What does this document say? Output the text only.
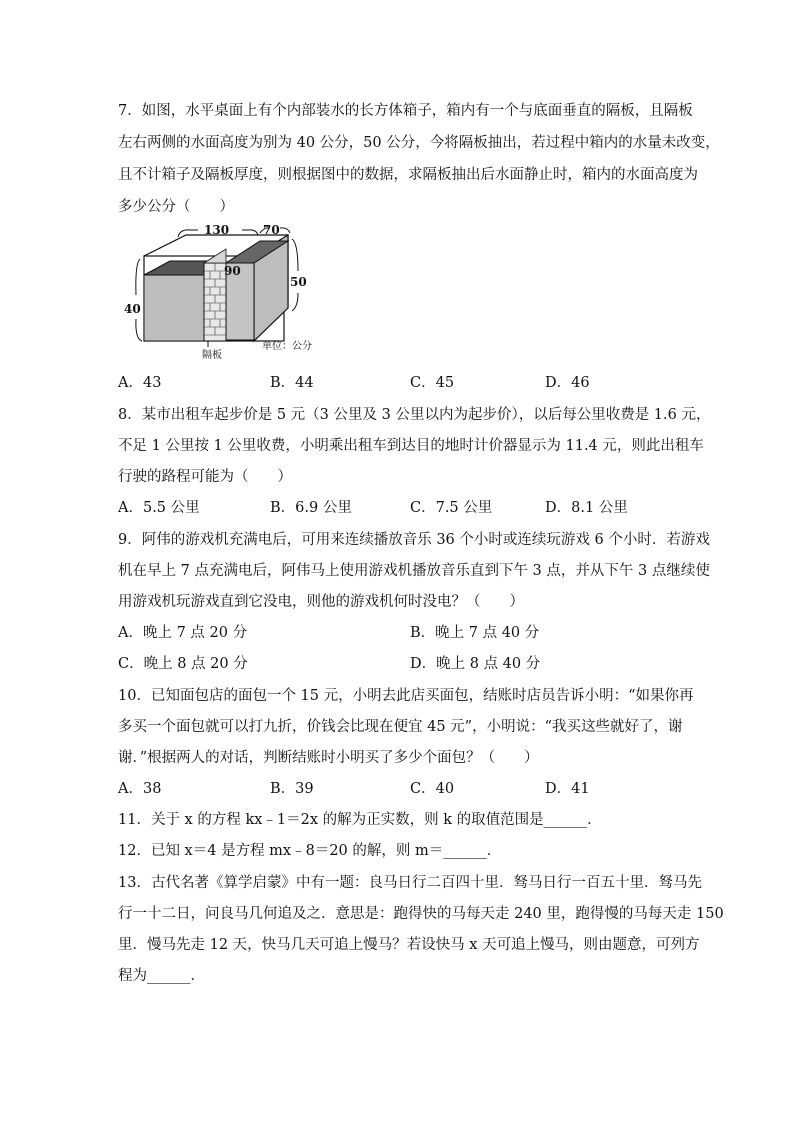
7．如图，水平桌面上有个内部装水的长方体箱子，箱内有一个与底面垂直的隔板，且隔板
左右两侧的水面高度为别为 40 公分，50 公分，今将隔板抽出，若过程中箱内的水量未改变，
且不计箱子及隔板厚度，则根据图中的数据，求隔板抽出后水面静止时，箱内的水面高度为
多少公分（　　）
130	70
90
50
40
隔板
单位：公分
A．43	B．44	C．45	D．46
8．某市出租车起步价是 5 元（3 公里及 3 公里以内为起步价），以后每公里收费是 1.6 元，
不足 1 公里按 1 公里收费，小明乘出租车到达目的地时计价器显示为 11.4 元，则此出租车
行驶的路程可能为（　　）
A．5.5 公里	B．6.9 公里	C．7.5 公里	D．8.1 公里
9．阿伟的游戏机充满电后，可用来连续播放音乐 36 个小时或连续玩游戏 6 个小时．若游戏
机在早上 7 点充满电后，阿伟马上使用游戏机播放音乐直到下午 3 点，并从下午 3 点继续使
用游戏机玩游戏直到它没电，则他的游戏机何时没电？（　　）
A．晚上 7 点 20 分	B．晚上 7 点 40 分
C．晚上 8 点 20 分	D．晚上 8 点 40 分
10．已知面包店的面包一个 15 元，小明去此店买面包，结账时店员告诉小明：“如果你再
多买一个面包就可以打九折，价钱会比现在便宜 45 元”，小明说：“我买这些就好了，谢
谢．”根据两人的对话，判断结账时小明买了多少个面包？（　　）
A．38	B．39	C．40	D．41
11．关于 x 的方程 kx﹣1＝2x 的解为正实数，则 k 的取值范围是______．
12．已知 x＝4 是方程 mx﹣8＝20 的解，则 m＝______．
13．古代名著《算学启蒙》中有一题：良马日行二百四十里．驽马日行一百五十里．驽马先
行一十二日，问良马几何追及之．意思是：跑得快的马每天走 240 里，跑得慢的马每天走 150
里．慢马先走 12 天，快马几天可追上慢马？若设快马 x 天可追上慢马，则由题意，可列方
程为______．
